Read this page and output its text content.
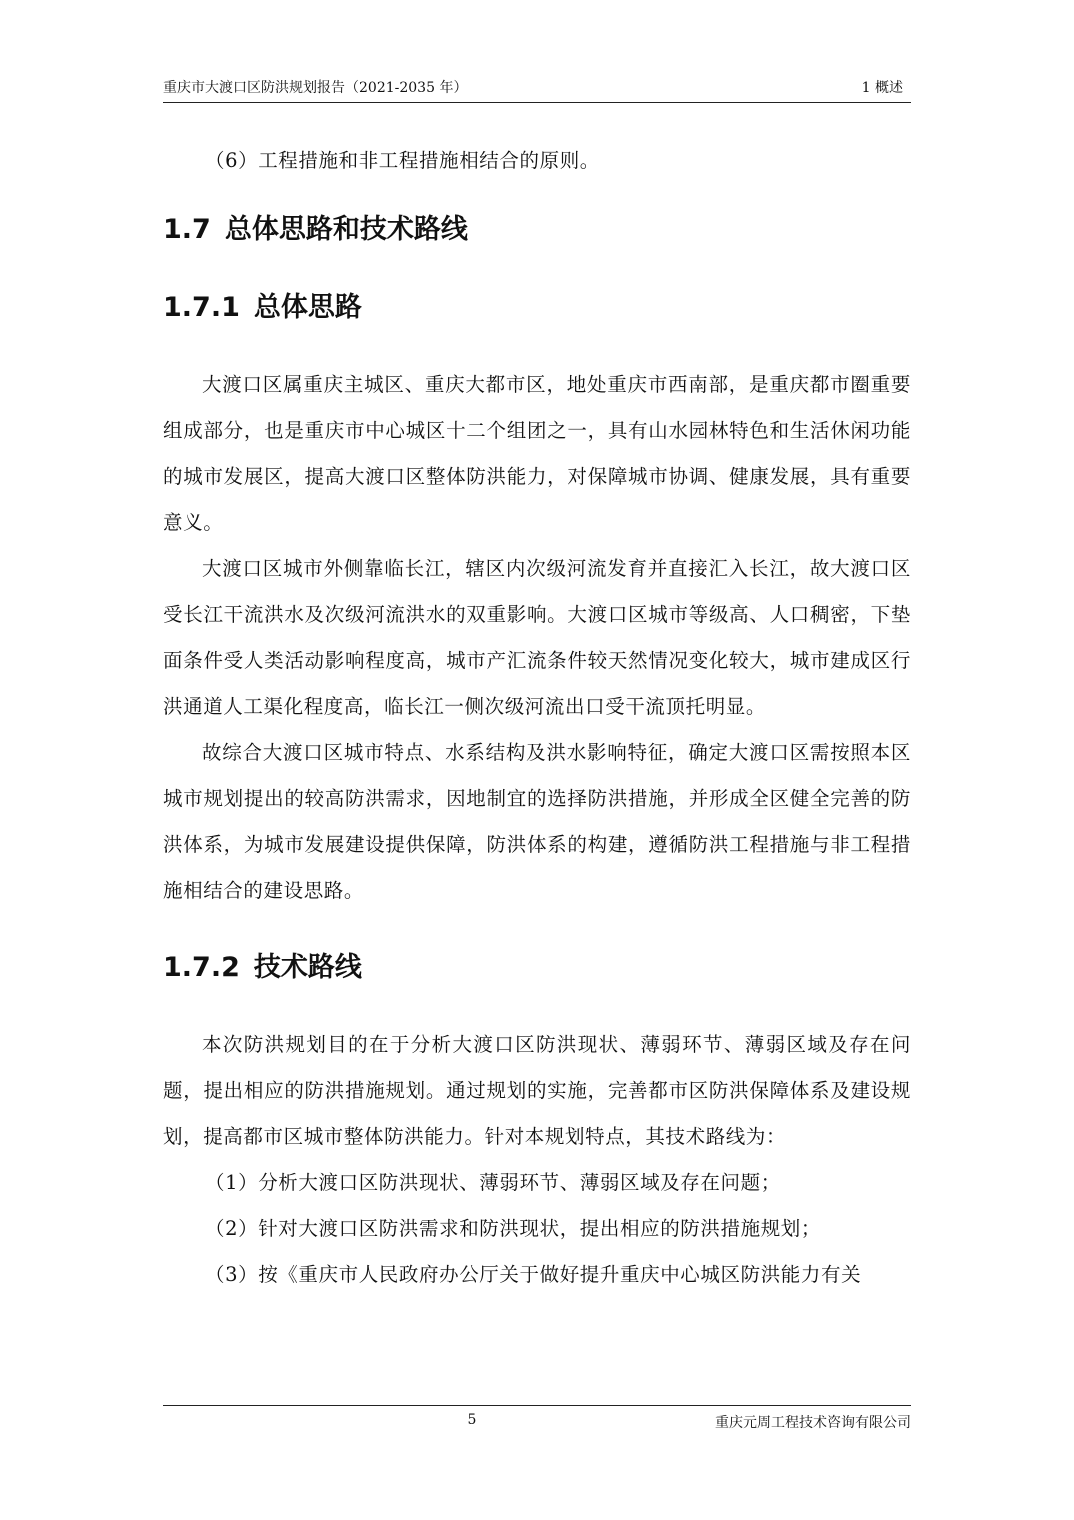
重庆市大渡口区防洪规划报告（2021-2035 年）	1 概述

（6）工程措施和非工程措施相结合的原则。

1.7 总体思路和技术路线
1.7.1 总体思路

大渡口区属重庆主城区、重庆大都市区，地处重庆市西南部，是重庆都市圈重要组成部分，也是重庆市中心城区十二个组团之一，具有山水园林特色和生活休闲功能的城市发展区，提高大渡口区整体防洪能力，对保障城市协调、健康发展，具有重要意义。

大渡口区城市外侧靠临长江，辖区内次级河流发育并直接汇入长江，故大渡口区受长江干流洪水及次级河流洪水的双重影响。大渡口区城市等级高、人口稠密，下垫面条件受人类活动影响程度高，城市产汇流条件较天然情况变化较大，城市建成区行洪通道人工渠化程度高，临长江一侧次级河流出口受干流顶托明显。

故综合大渡口区城市特点、水系结构及洪水影响特征，确定大渡口区需按照本区城市规划提出的较高防洪需求，因地制宜的选择防洪措施，并形成全区健全完善的防洪体系，为城市发展建设提供保障，防洪体系的构建，遵循防洪工程措施与非工程措施相结合的建设思路。

1.7.2 技术路线

本次防洪规划目的在于分析大渡口区防洪现状、薄弱环节、薄弱区域及存在问题，提出相应的防洪措施规划。通过规划的实施，完善都市区防洪保障体系及建设规划，提高都市区城市整体防洪能力。针对本规划特点，其技术路线为：

（1）分析大渡口区防洪现状、薄弱环节、薄弱区域及存在问题；

（2）针对大渡口区防洪需求和防洪现状，提出相应的防洪措施规划；

（3）按《重庆市人民政府办公厅关于做好提升重庆中心城区防洪能力有关

5	重庆元周工程技术咨询有限公司
